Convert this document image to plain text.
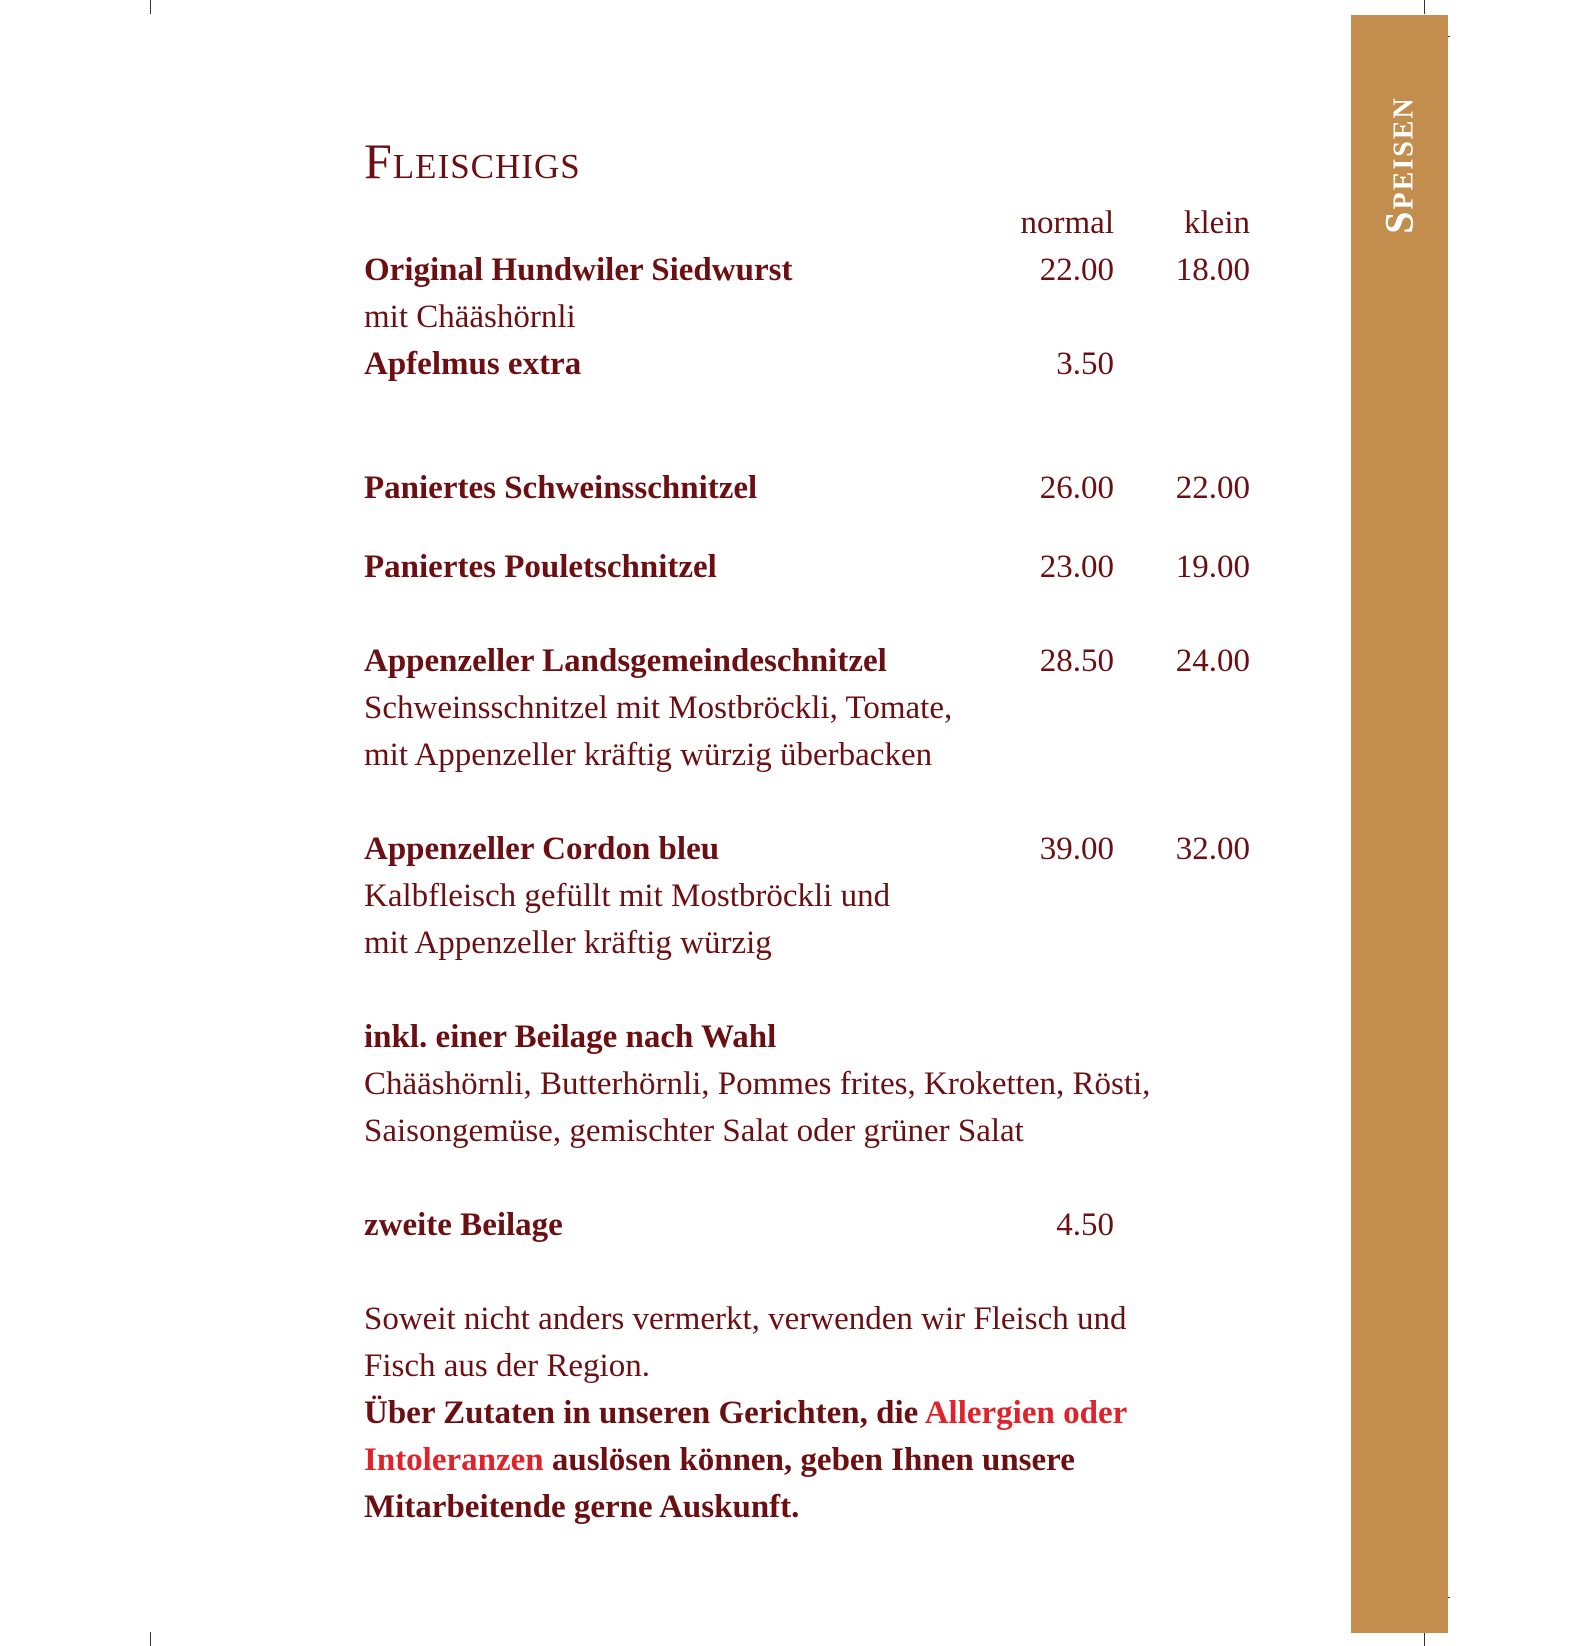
Speisen
Fleischigs
normal	klein
Original Hundwiler Siedwurst	22.00	18.00
mit Chääshörnli
Apfelmus extra	3.50
Paniertes Schweinsschnitzel	26.00	22.00
Paniertes Pouletschnitzel	23.00	19.00
Appenzeller Landsgemeindeschnitzel	28.50	24.00
Schweinsschnitzel mit Mostbröckli, Tomate,
mit Appenzeller kräftig würzig überbacken
Appenzeller Cordon bleu	39.00	32.00
Kalbfleisch gefüllt mit Mostbröckli und
mit Appenzeller kräftig würzig
inkl. einer Beilage nach Wahl
Chääshörnli, Butterhörnli, Pommes frites, Kroketten, Rösti,
Saisongemüse, gemischter Salat oder grüner Salat
zweite Beilage	4.50
Soweit nicht anders vermerkt, verwenden wir Fleisch und
Fisch aus der Region.
Über Zutaten in unseren Gerichten, die Allergien oder
Intoleranzen auslösen können, geben Ihnen unsere
Mitarbeitende gerne Auskunft.
